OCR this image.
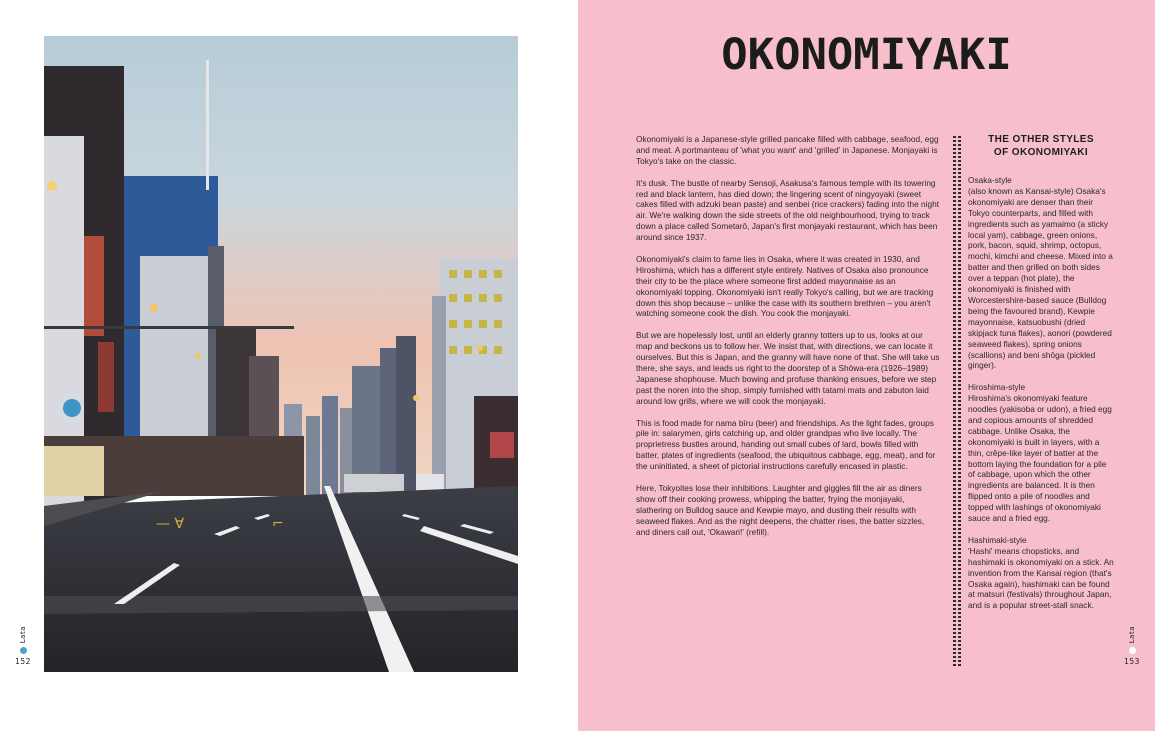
— ∀	⌐
Lata
152
OKONOMIYAKI

Okonomiyaki is a Japanese-style grilled pancake filled with cabbage, seafood, egg and meat. A portmanteau of 'what you want' and 'grilled' in Japanese. Monjayaki is Tokyo's take on the classic.

It's dusk. The bustle of nearby Sensoji, Asakusa's famous temple with its towering red and black lantern, has died down; the lingering scent of ningyoyaki (sweet cakes filled with adzuki bean paste) and senbei (rice crackers) fading into the night air. We're walking down the side streets of the old neighbourhood, trying to track down a place called Sometarō, Japan's first monjayaki restaurant, which has been around since 1937.

Okonomiyaki's claim to fame lies in Osaka, where it was created in 1930, and Hiroshima, which has a different style entirely. Natives of Osaka also pronounce their city to be the place where someone first added mayonnaise as an okonomiyaki topping. Okonomiyaki isn't really Tokyo's calling, but we are tracking down this shop because – unlike the case with its southern brethren – you aren't watching someone cook the dish. You cook the monjayaki.

But we are hopelessly lost, until an elderly granny totters up to us, looks at our map and beckons us to follow her. We insist that, with directions, we can locate it ourselves. But this is Japan, and the granny will have none of that. She will take us there, she says, and leads us right to the doorstep of a Shōwa-era (1926–1989) Japanese shophouse. Much bowing and profuse thanking ensues, before we step past the noren into the shop, simply furnished with tatami mats and zabuton laid around low grills, where we will cook the monjayaki.

This is food made for nama bīru (beer) and friendships. As the light fades, groups pile in: salarymen, girls catching up, and older grandpas who live locally. The proprietress bustles around, handing out small cubes of lard, bowls filled with batter, plates of ingredients (seafood, the ubiquitous cabbage, egg, meat), and for the uninitiated, a sheet of pictorial instructions carefully encased in plastic.

Here, Tokyoites lose their inhibitions. Laughter and giggles fill the air as diners show off their cooking prowess, whipping the batter, frying the monjayaki, slathering on Bulldog sauce and Kewpie mayo, and dusting their results with seaweed flakes. And as the night deepens, the chatter rises, the batter sizzles, and diners call out, 'Okawari!' (refill).

THE OTHER STYLES
OF OKONOMIYAKI
Osaka-style
(also known as Kansai-style) Osaka's okonomiyaki are denser than their Tokyo counterparts, and filled with ingredients such as yamaimo (a sticky local yam), cabbage, green onions, pork, bacon, squid, shrimp, octopus, mochi, kimchi and cheese. Mixed into a batter and then grilled on both sides over a teppan (hot plate), the okonomiyaki is finished with Worcestershire-based sauce (Bulldog being the favoured brand), Kewpie mayonnaise, katsuobushi (dried skipjack tuna flakes), aonori (powdered seaweed flakes), spring onions (scallions) and beni shōga (pickled ginger).
Hiroshima-style
Hiroshima's okonomiyaki feature noodles (yakisoba or udon), a fried egg and copious amounts of shredded cabbage. Unlike Osaka, the okonomiyaki is built in layers, with a thin, crêpe-like layer of batter at the bottom laying the foundation for a pile of cabbage, upon which the other ingredients are balanced. It is then flipped onto a pile of noodles and topped with lashings of okonomiyaki sauce and a fried egg.
Hashimaki-style
'Hashi' means chopsticks, and hashimaki is okonomiyaki on a stick. An invention from the Kansai region (that's Osaka again), hashimaki can be found at matsuri (festivals) throughout Japan, and is a popular street-stall snack.
Lata
153
